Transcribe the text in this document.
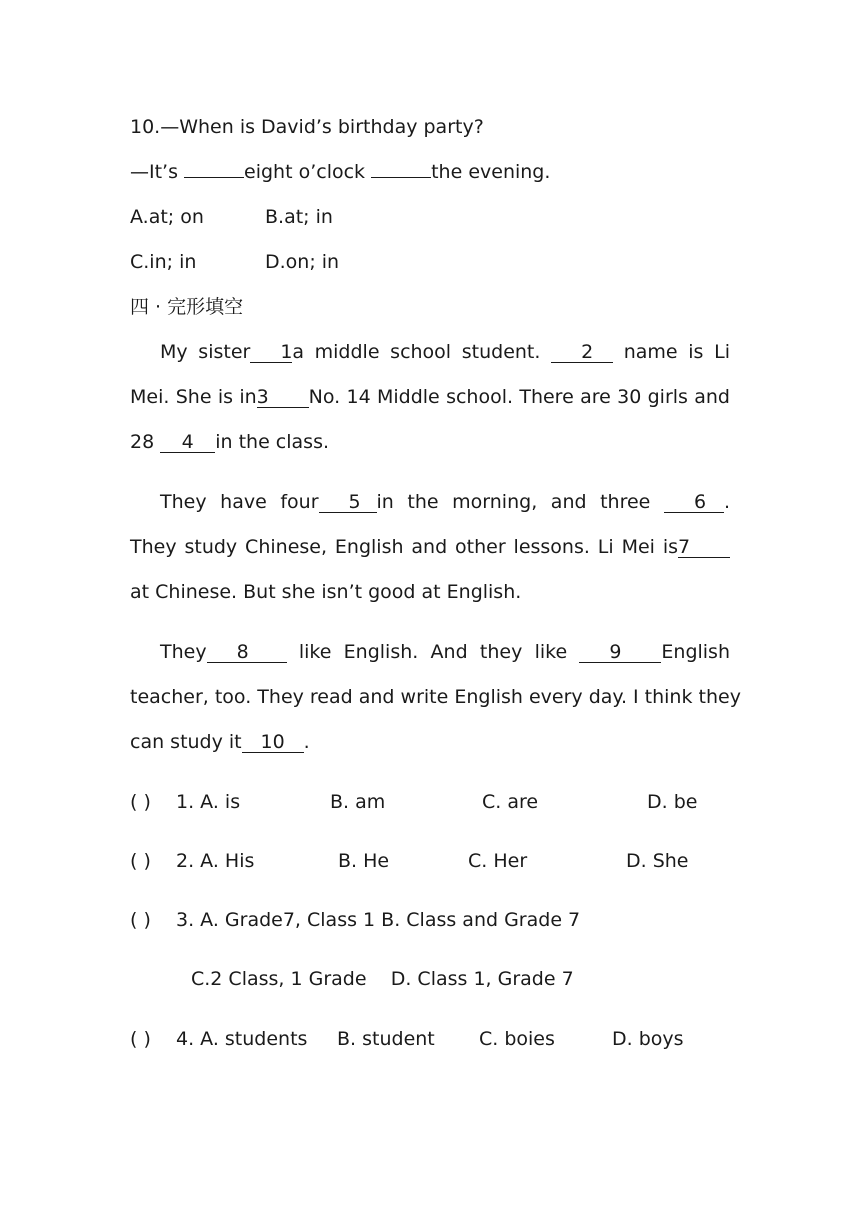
10.—When is David’s birthday party?
—It’s	eight o’clock	the evening.
A.at; on	B.at; in
C.in; in	D.on; in
四 · 完形填空
My sister 1a middle school student. 2 name is Li
Mei. She is in3 No. 14 Middle school. There are 30 girls and
28 4 in the class.
They have four 5 in the morning, and three 6 .
They study Chinese, English and other lessons. Li Mei is7
at Chinese. But she isn’t good at English.
They 8 like English. And they like 9 English
teacher, too. They read and write English every day. I think they
can study it 10 .
( ) 1. A. is	B. am	C. are	D. be
( ) 2. A. His	B. He	C. Her	D. She
( ) 3. A. Grade7, Class 1 B. Class and Grade 7
C.2 Class, 1 Grade    D. Class 1, Grade 7
( ) 4. A. students B. student C. boies	D. boys
